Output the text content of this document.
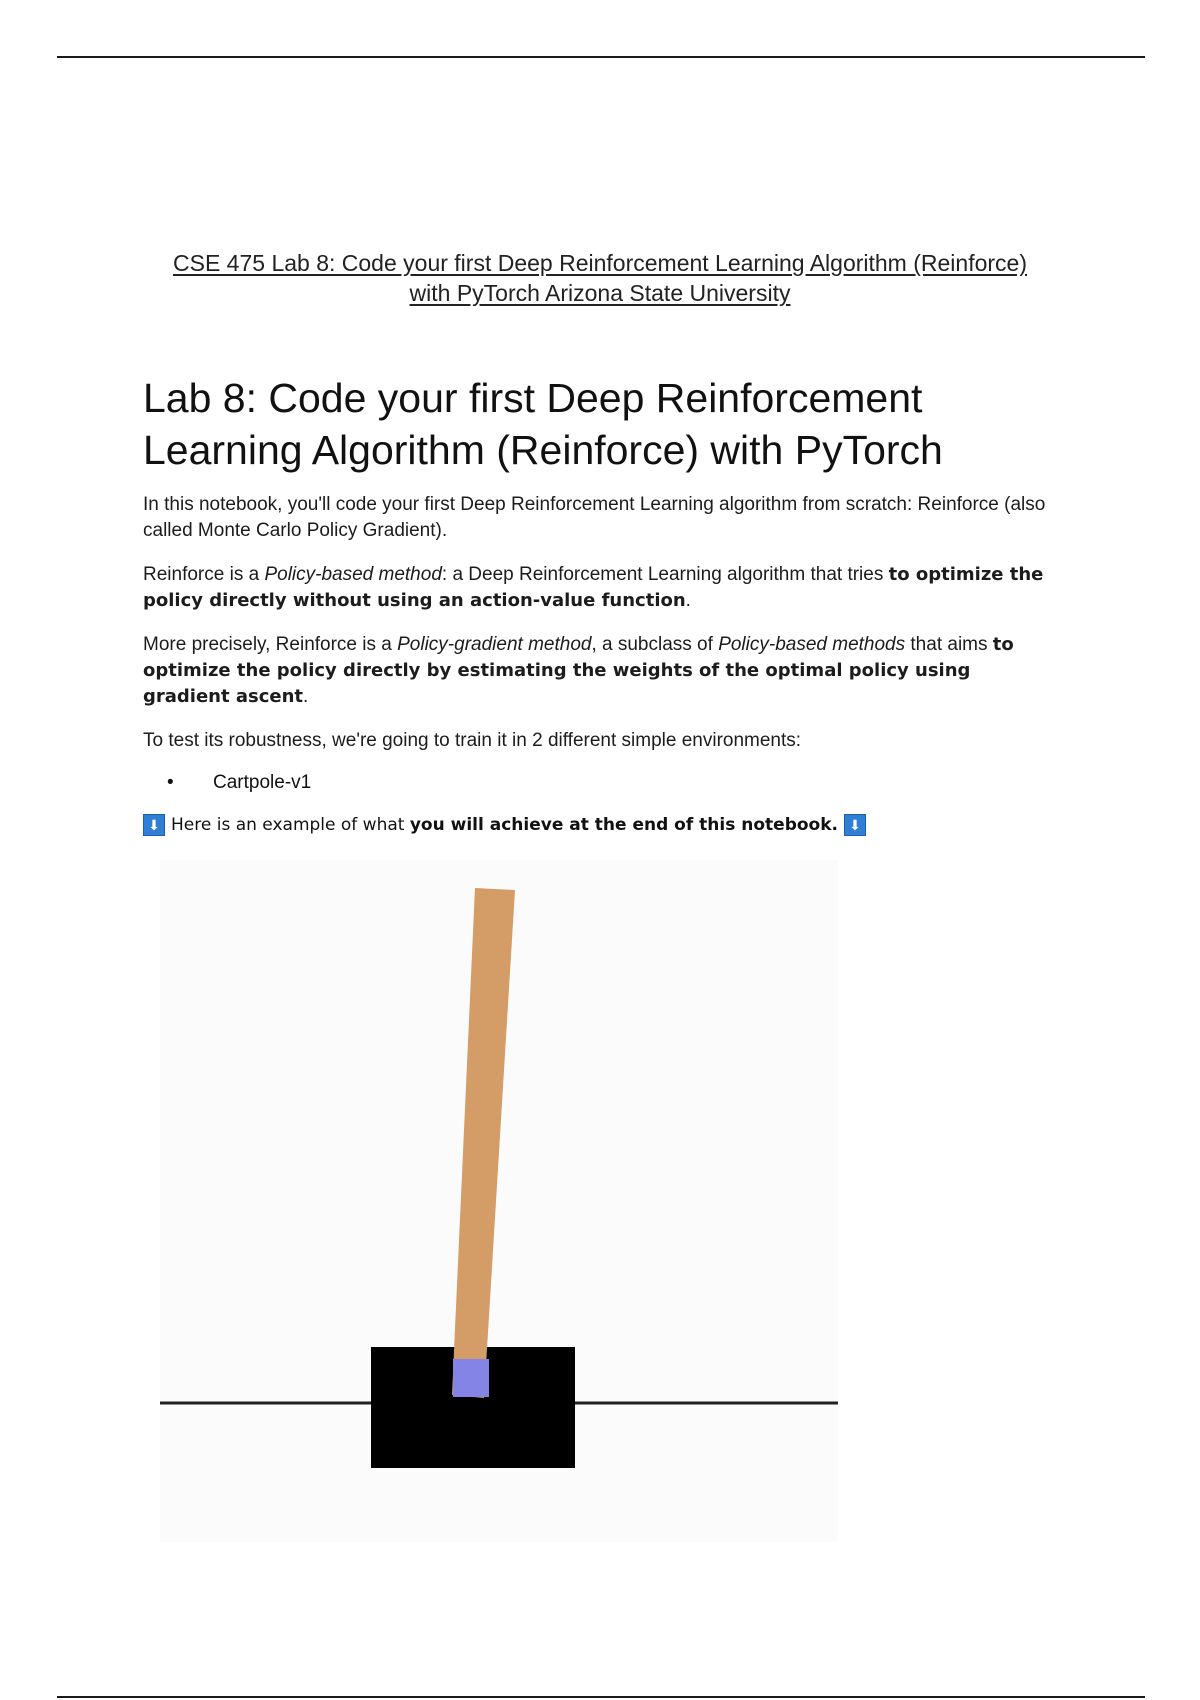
CSE 475 Lab 8: Code your first Deep Reinforcement Learning Algorithm (Reinforce)
with PyTorch Arizona State University
Lab 8: Code your first Deep Reinforcement Learning Algorithm (Reinforce) with PyTorch

In this notebook, you'll code your first Deep Reinforcement Learning algorithm from scratch: Reinforce (also called Monte Carlo Policy Gradient).

Reinforce is a Policy-based method: a Deep Reinforcement Learning algorithm that tries to optimize the policy directly without using an action-value function.

More precisely, Reinforce is a Policy-gradient method, a subclass of Policy-based methods that aims to optimize the policy directly by estimating the weights of the optimal policy using gradient ascent.

To test its robustness, we're going to train it in 2 different simple environments:

• Cartpole-v1
⬇ Here is an example of what you will achieve at the end of this notebook. ⬇
